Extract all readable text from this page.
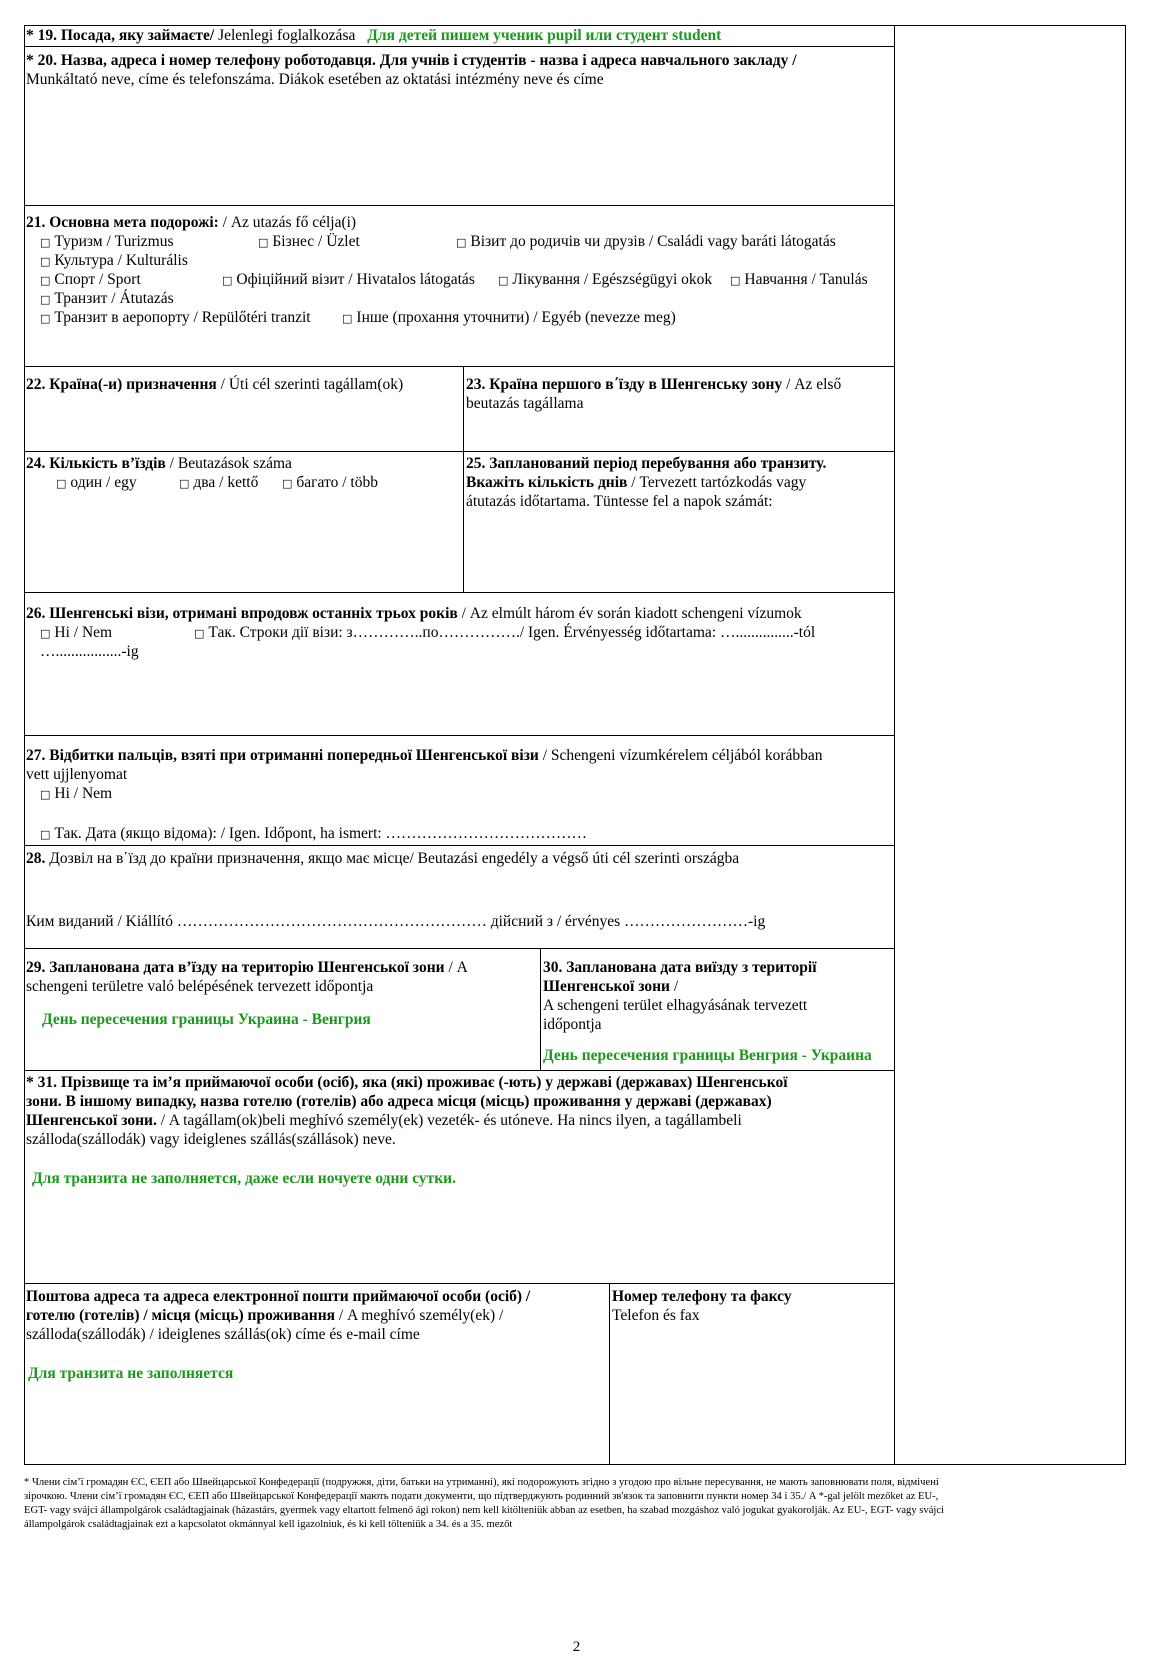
* 19. Посада, яку займаєте/ Jelenlegi foglalkozása Для детей пишем ученик pupil или студент student
* 20. Назва, адреса і номер телефону роботодавця. Для учнів і студентів - назва і адреса навчального закладу /
Munkáltató neve, címe és telefonszáma. Diákok esetében az oktatási intézmény neve és címe
21. Основна мета подорожі: / Az utazás fő célja(i)
□ Туризм / Turizmus	□ Бізнес / Üzlet	□ Візит до родичів чи друзів / Családi vagy baráti látogatás
□ Культура / Kulturális
□ Спорт / Sport	□ Офіційний візит / Hivatalos látogatás □ Лікування / Egészségügyi okok □ Навчання / Tanulás
□ Транзит / Átutazás
□ Транзит в аеропорту / Repülőtéri tranzit	□ Інше (прохання уточнити) / Egyéb (nevezze meg)
22. Країна(-и) призначення / Úti cél szerinti tagállam(ok)	23. Країна першого в΄їзду в Шенгенську зону / Az első
beutazás tagállama
24. Кількість в’їздів / Beutazások száma
□ один / egy	□ два / kettő □ багато / több
25. Запланований період перебування або транзиту.
Вкажіть кількість днів / Tervezett tartózkodás vagy
átutazás időtartama. Tüntesse fel a napok számát:
26. Шенгенські візи, отримані впродовж останніх трьох років / Az elmúlt három év során kiadott schengeni vízumok
□ Ні / Nem	□ Так. Строки дії візи: з…………..по……………./ Igen. Érvényesség időtartama: …...............-tól
….................-ig
27. Відбитки пальців, взяті при отриманні попередньої Шенгенської візи / Schengeni vízumkérelem céljából korábban
vett ujjlenyomat
□ Ні / Nem
□ Так. Дата (якщо відома): / Igen. Időpont, ha ismert: …………………………………
28. Дозвіл на в΄їзд до країни призначення, якщо має місце/ Beutazási engedély a végső úti cél szerinti országba
Ким виданий / Kiállító …………………………………………………… дійсний з / érvényes ……………………-ig
29. Запланована дата в’їзду на територію Шенгенської зони / A
schengeni területre való belépésének tervezett időpontja
День пересечения границы Украина - Венгрия
30. Запланована дата виїзду з території
Шенгенської зони /
A schengeni terület elhagyásának tervezett
időpontja
День пересечения границы Венгрия - Украина
* 31. Прізвище та ім’я приймаючої особи (осіб), яка (які) проживає (-ють) у державі (державах) Шенгенської
зони. В іншому випадку, назва готелю (готелів) або адреса місця (місць) проживання у державі (державах)
Шенгенської зони. / A tagállam(ok)beli meghívó személy(ek) vezeték- és utóneve. Ha nincs ilyen, a tagállambeli
szálloda(szállodák) vagy ideiglenes szállás(szállások) neve.
Для транзита не заполняется, даже если ночуете одни сутки.
Поштова адреса та адреса електронної пошти приймаючої особи (осіб) /
готелю (готелів) / місця (місць) проживання / A meghívó személy(ek) /
szálloda(szállodák) / ideiglenes szállás(ok) címe és e-mail címe
Для транзита не заполняется
Номер телефону та факсу
Telefon és fax
* Члени сім’ї громадян ЄС, ЄЕП або Швейцарської Конфедерації (подружжя, діти, батьки на утриманні), які подорожують згідно з угодою про вільне пересування, не мають заповнювати поля, відмічені
зірочкою. Члени сім’ї громадян ЄС, ЄЕП або Швейцарської Конфедерації мають подати документи, що підтверджують родинний зв'язок та заповнити пункти номер 34 і 35./ A *-gal jelölt mezőket az EU-,
EGT- vagy svájci állampolgárok családtagjainak (házastárs, gyermek vagy eltartott felmenő ági rokon) nem kell kitölteniük abban az esetben, ha szabad mozgáshoz való jogukat gyakorolják. Az EU-, EGT- vagy svájci
állampolgárok családtagjainak ezt a kapcsolatot okmánnyal kell igazolniuk, és ki kell tölteniük a 34. és a 35. mezőt
2
